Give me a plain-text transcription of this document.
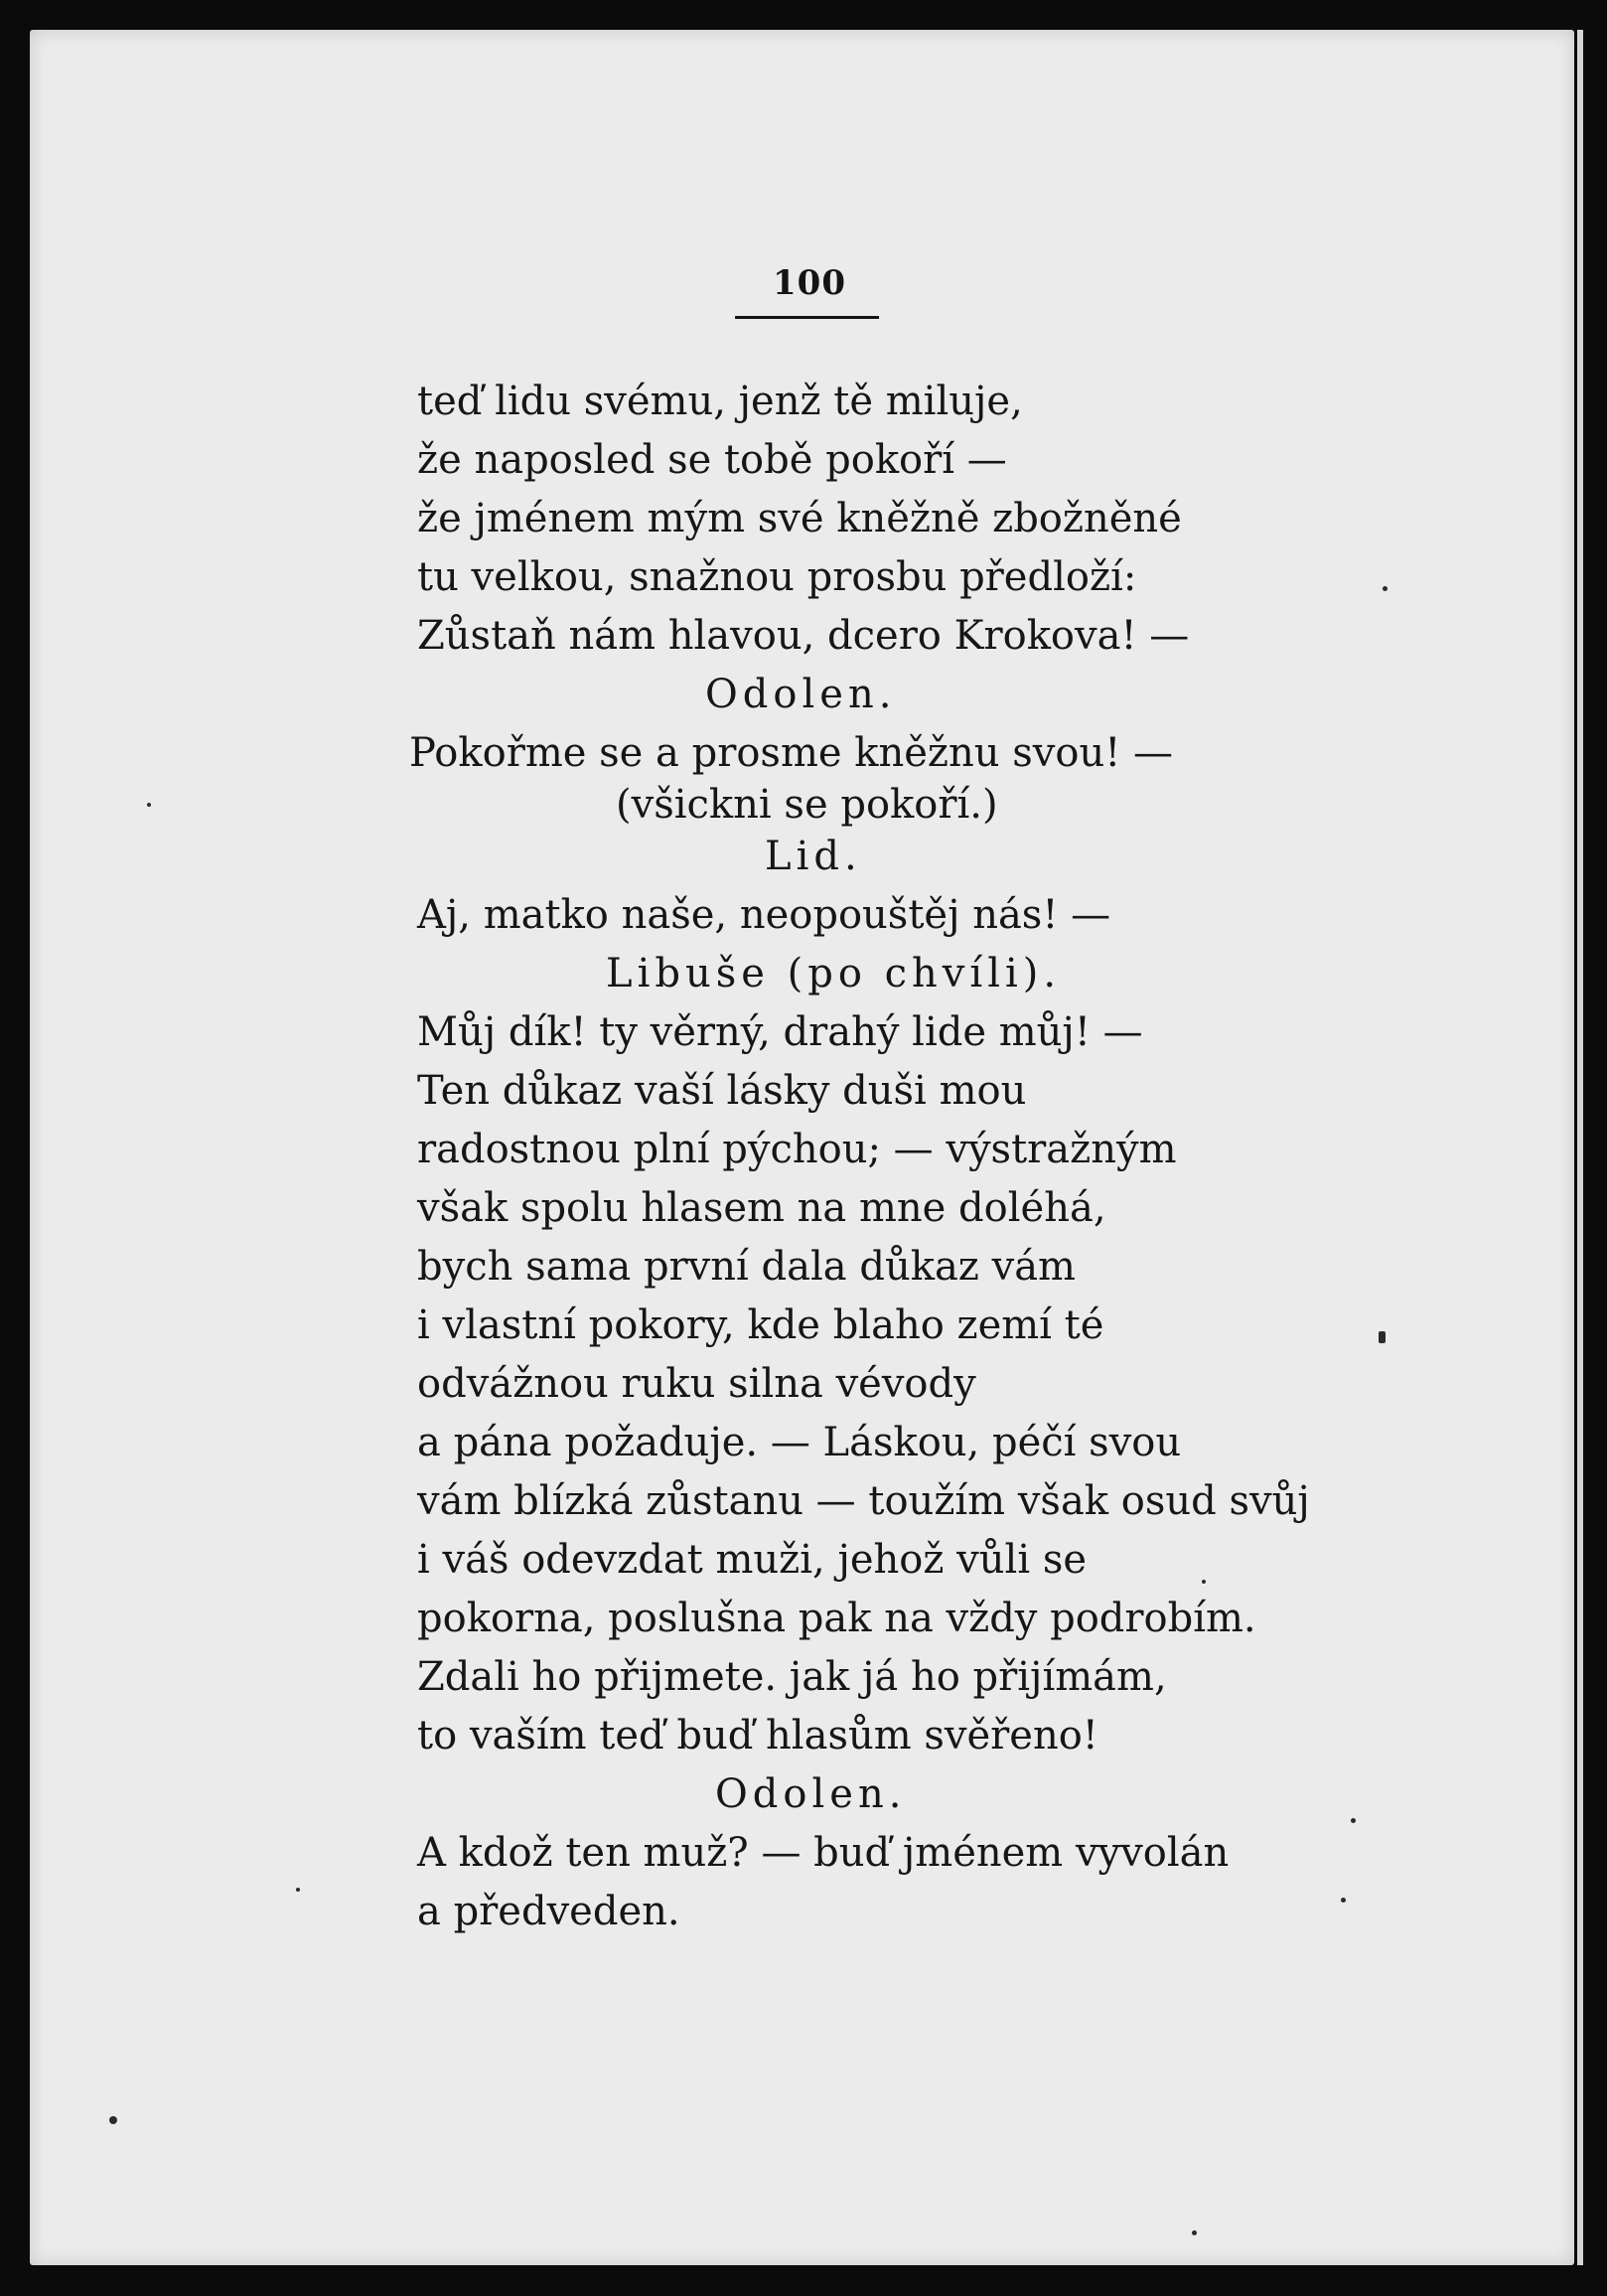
100
teď lidu svému, jenž tě miluje,
že naposled se tobě pokoří —
že jménem mým své kněžně zbožněné
tu velkou, snažnou prosbu předloží:
Zůstaň nám hlavou, dcero Krokova! —
Odolen.
Pokořme se a prosme kněžnu svou! —
(všickni se pokoří.)
Lid.
Aj, matko naše, neopouštěj nás! —
Libuše (po chvíli).
Můj dík! ty věrný, drahý lide můj! —
Ten důkaz vaší lásky duši mou
radostnou plní pýchou; — výstražným
však spolu hlasem na mne doléhá,
bych sama první dala důkaz vám
i vlastní pokory, kde blaho zemí té
odvážnou ruku silna vévody
a pána požaduje. — Láskou, péčí svou
vám blízká zůstanu — toužím však osud svůj
i váš odevzdat muži, jehož vůli se
pokorna, poslušna pak na vždy podrobím.
Zdali ho přijmete. jak já ho přijímám,
to vaším teď buď hlasům svěřeno!
Odolen.
A kdož ten muž? — buď jménem vyvolán
a předveden.
